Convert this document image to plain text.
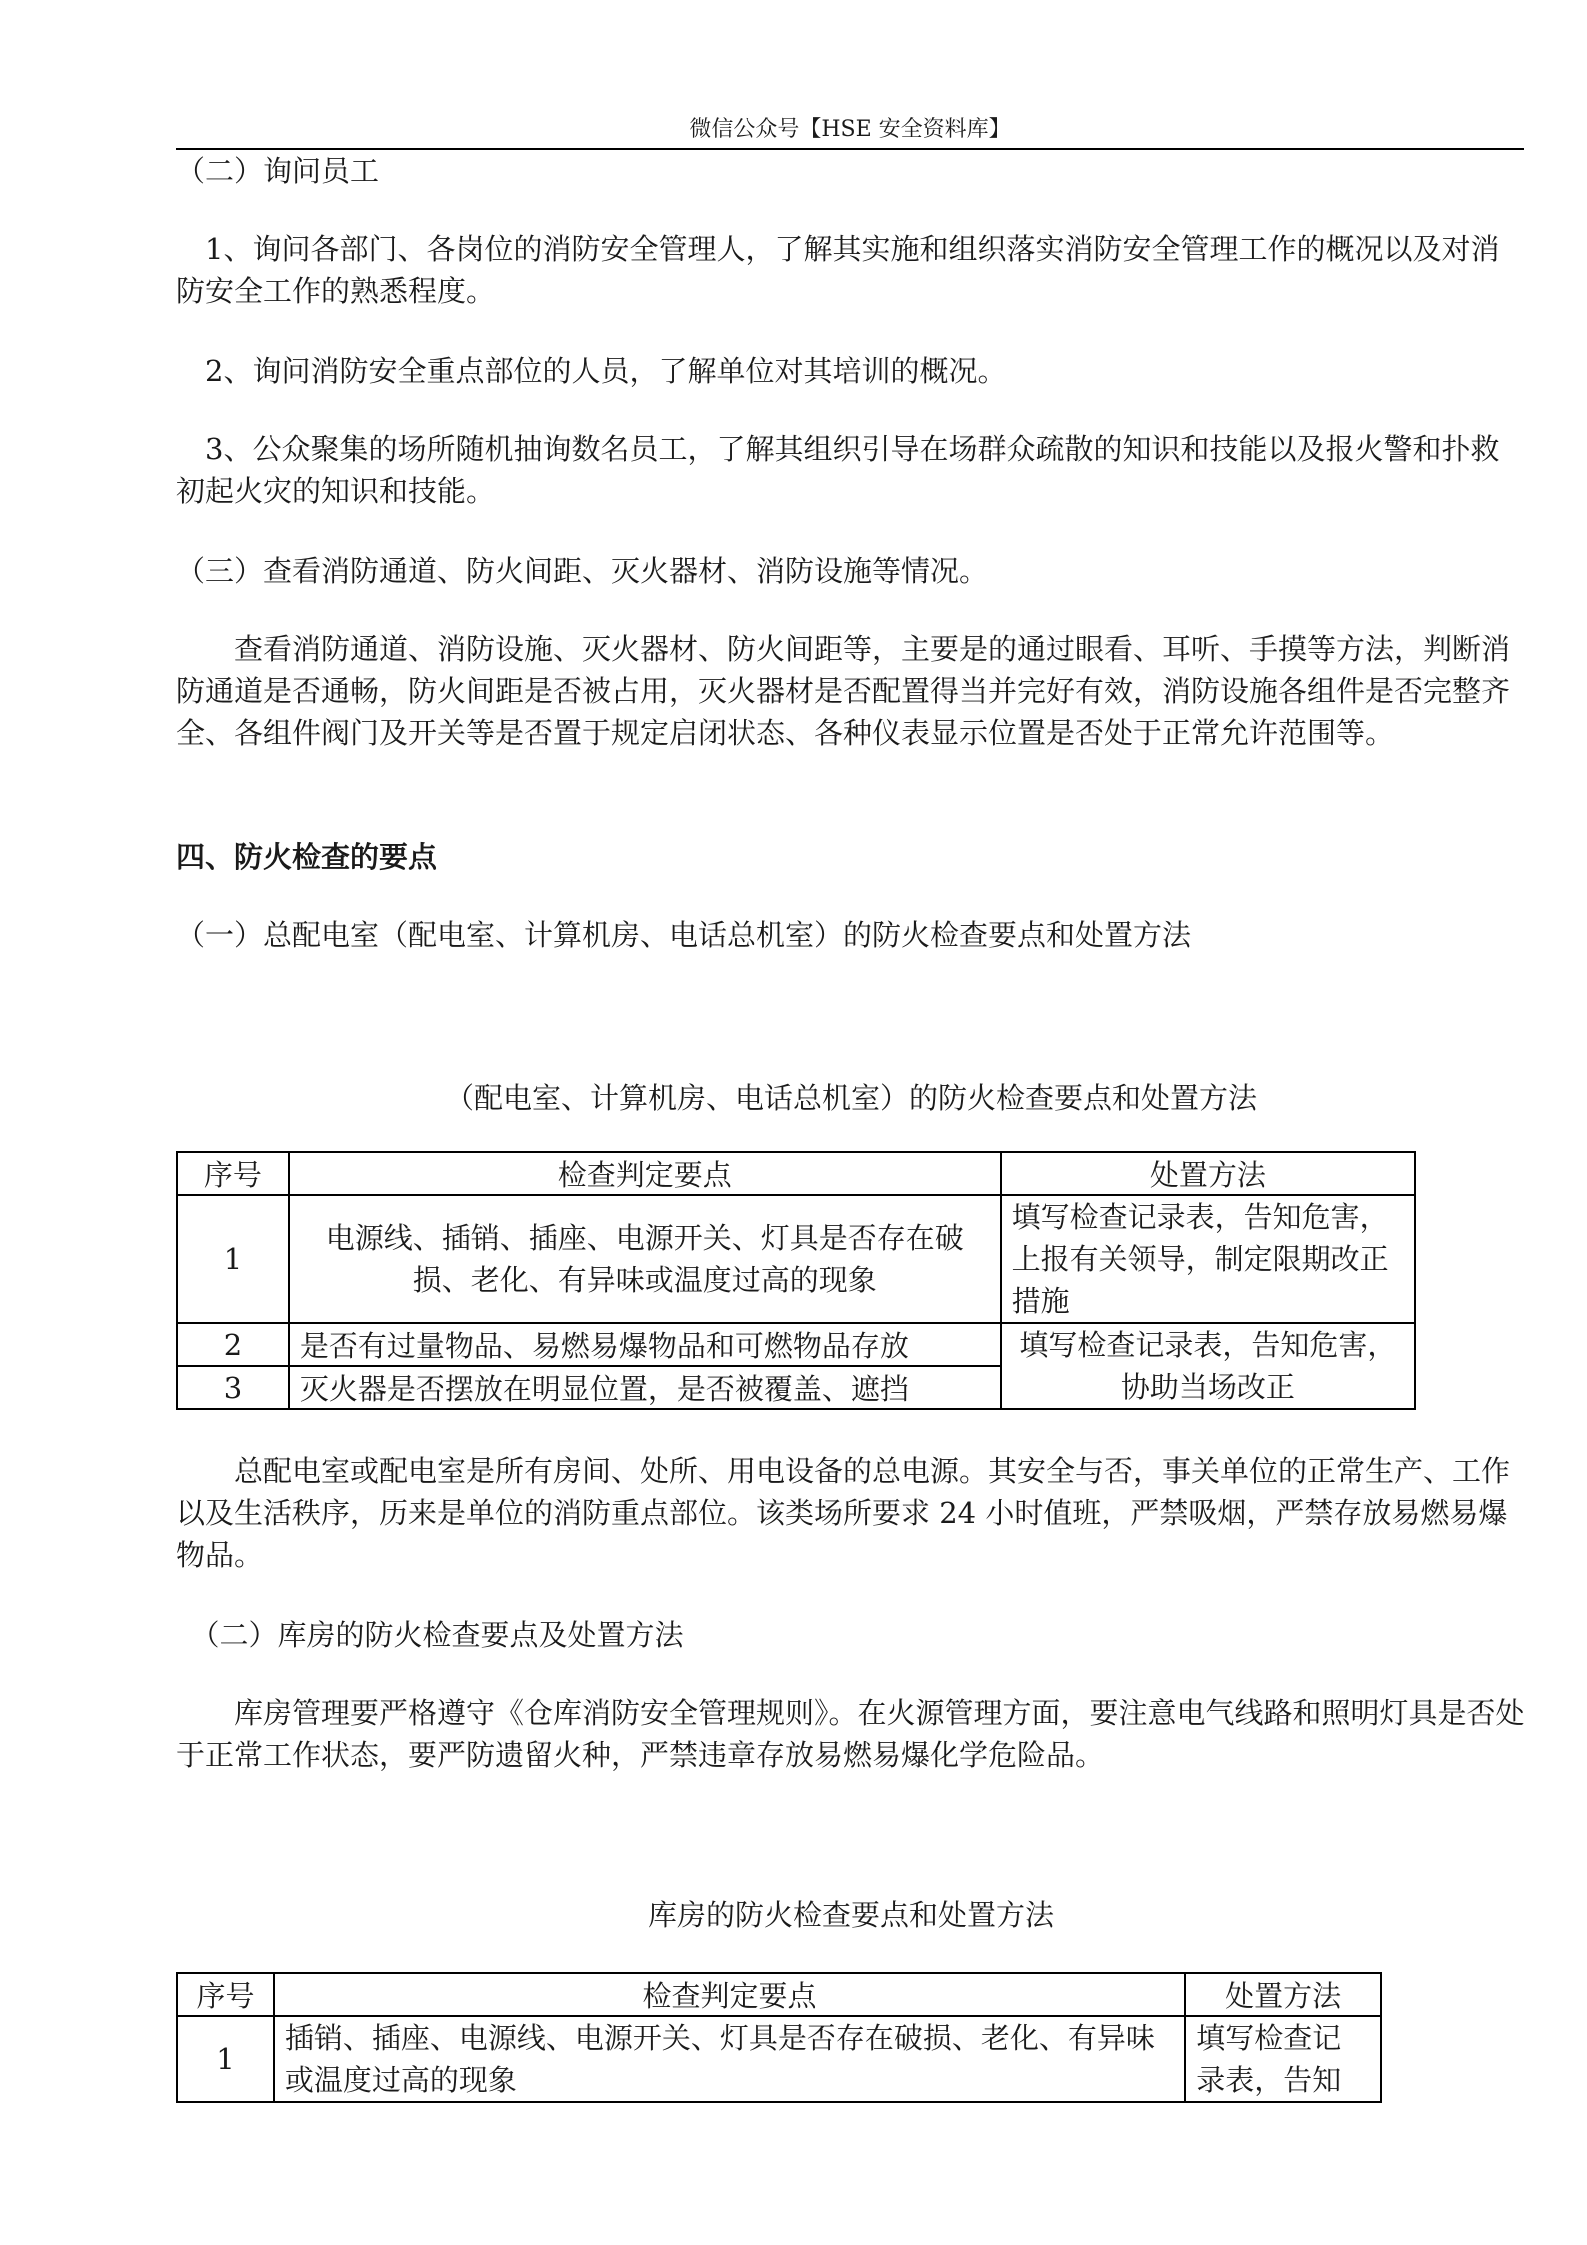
微信公众号【HSE 安全资料库】

（二）询问员工

　1、询问各部门、各岗位的消防安全管理人，了解其实施和组织落实消防安全管理工作的概况以及对消防安全工作的熟悉程度。

　2、询问消防安全重点部位的人员，了解单位对其培训的概况。

　3、公众聚集的场所随机抽询数名员工，了解其组织引导在场群众疏散的知识和技能以及报火警和扑救初起火灾的知识和技能。

（三）查看消防通道、防火间距、灭火器材、消防设施等情况。

　　查看消防通道、消防设施、灭火器材、防火间距等，主要是的通过眼看、耳听、手摸等方法，判断消防通道是否通畅，防火间距是否被占用，灭火器材是否配置得当并完好有效，消防设施各组件是否完整齐全、各组件阀门及开关等是否置于规定启闭状态、各种仪表显示位置是否处于正常允许范围等。

四、防火检查的要点

（一）总配电室（配电室、计算机房、电话总机室）的防火检查要点和处置方法

（配电室、计算机房、电话总机室）的防火检查要点和处置方法
序号	检查判定要点	处置方法
1	电源线、插销、插座、电源开关、灯具是否存在破损、老化、有异味或温度过高的现象	填写检查记录表，告知危害，上报有关领导，制定限期改正措施
2	是否有过量物品、易燃易爆物品和可燃物品存放	填写检查记录表，告知危害，协助当场改正
3	灭火器是否摆放在明显位置，是否被覆盖、遮挡	

　　总配电室或配电室是所有房间、处所、用电设备的总电源。其安全与否，事关单位的正常生产、工作以及生活秩序，历来是单位的消防重点部位。该类场所要求 24 小时值班，严禁吸烟，严禁存放易燃易爆物品。

　（二）库房的防火检查要点及处置方法

　　库房管理要严格遵守《仓库消防安全管理规则》。在火源管理方面，要注意电气线路和照明灯具是否处于正常工作状态，要严防遗留火种，严禁违章存放易燃易爆化学危险品。

库房的防火检查要点和处置方法
序号	检查判定要点	处置方法
1	插销、插座、电源线、电源开关、灯具是否存在破损、老化、有异味或温度过高的现象	填写检查记录表，告知
